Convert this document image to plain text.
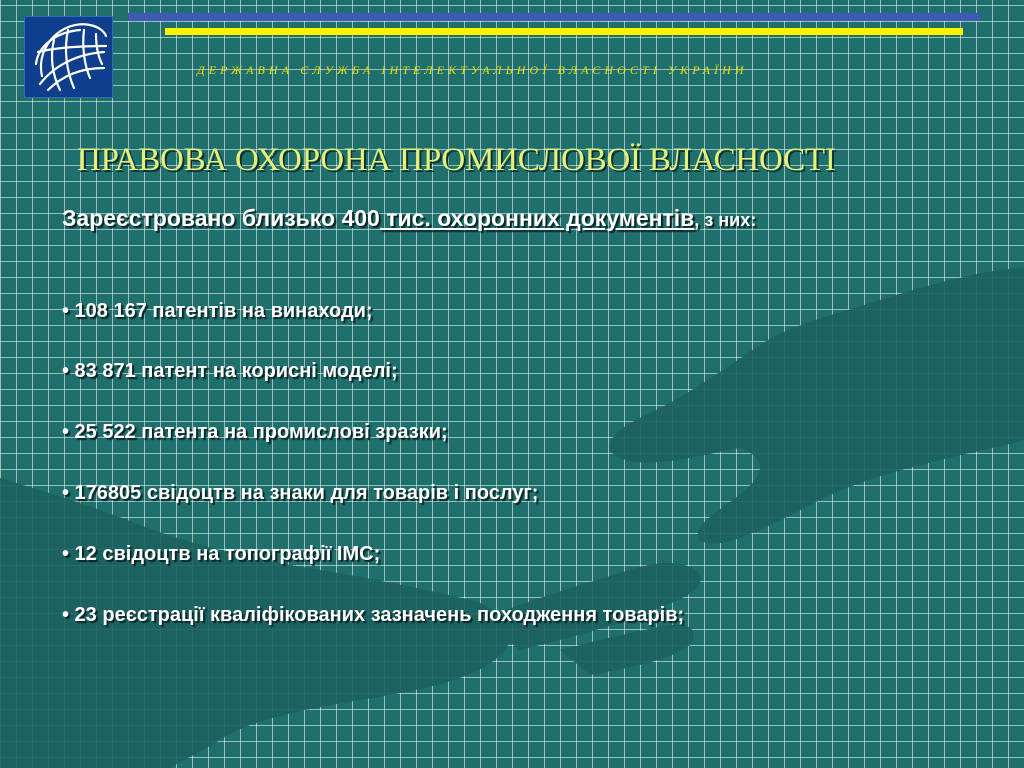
ДЕРЖАВНА СЛУЖБА ІНТЕЛЕКТУАЛЬНОЇ ВЛАСНОСТІ УКРАЇНИ
ПРАВОВА ОХОРОНА ПРОМИСЛОВОЇ ВЛАСНОСТІ
Зареєстровано близько 400 тис. охоронних документів, з них:
• 108 167 патентів на винаходи;
• 83 871 патент на корисні моделі;
• 25 522 патента на промислові зразки;
• 176805 свідоцтв на знаки для товарів і послуг;
• 12 свідоцтв на топографії ІМС;
• 23 реєстрації кваліфікованих зазначень походження товарів;
